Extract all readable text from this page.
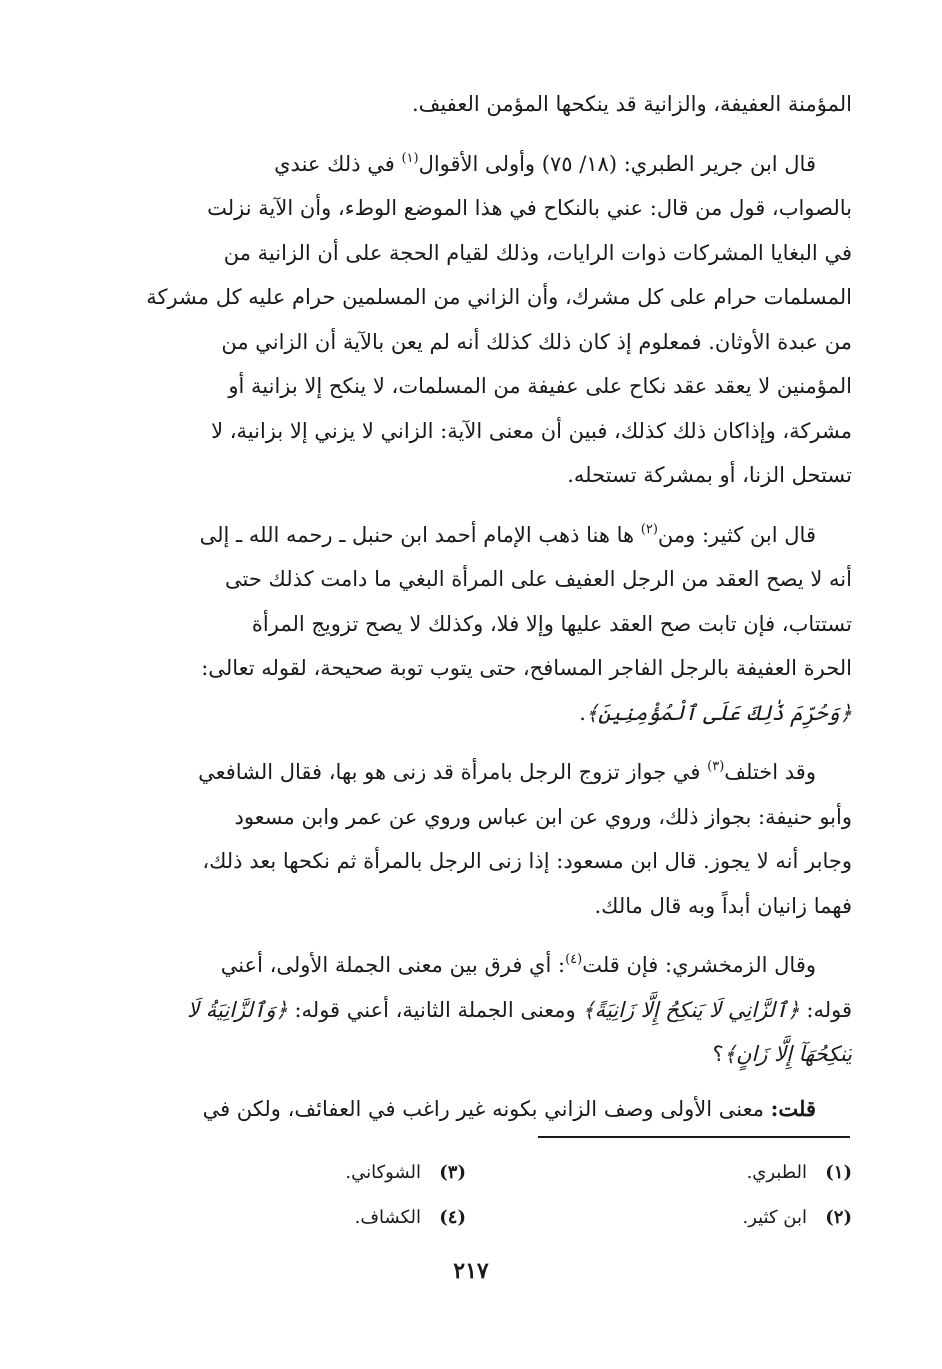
المؤمنة العفيفة، والزانية قد ينكحها المؤمن العفيف.
قال ابن جرير الطبري: (١٨/ ٧٥) وأولى الأقوال$^{(١)}$ في ذلك عندي
بالصواب، قول من قال: عني بالنكاح في هذا الموضع الوطء، وأن الآية نزلت
في البغايا المشركات ذوات الرايات، وذلك لقيام الحجة على أن الزانية من
المسلمات حرام على كل مشرك، وأن الزاني من المسلمين حرام عليه كل مشركة
من عبدة الأوثان. فمعلوم إذ كان ذلك كذلك أنه لم يعن بالآية أن الزاني من
المؤمنين لا يعقد عقد نكاح على عفيفة من المسلمات، لا ينكح إلا بزانية أو
مشركة، وإذاكان ذلك كذلك، فبين أن معنى الآية: الزاني لا يزني إلا بزانية، لا
تستحل الزنا، أو بمشركة تستحله.
قال ابن كثير: ومن$^{(٢)}$ ها هنا ذهب الإمام أحمد ابن حنبل ـ رحمه الله ـ إلى
أنه لا يصح العقد من الرجل العفيف على المرأة البغي ما دامت كذلك حتى
تستتاب، فإن تابت صح العقد عليها وإلا فلا، وكذلك لا يصح تزويج المرأة
الحرة العفيفة بالرجل الفاجر المسافح، حتى يتوب توبة صحيحة، لقوله تعالى:
﴿وَحُرِّمَ ذَٰلِكَ عَلَى ٱلْمُؤْمِنِينَ﴾.
وقد اختلف$^{(٣)}$ في جواز تزوج الرجل بامرأة قد زنى هو بها، فقال الشافعي
وأبو حنيفة: بجواز ذلك، وروي عن ابن عباس وروي عن عمر وابن مسعود
وجابر أنه لا يجوز. قال ابن مسعود: إذا زنى الرجل بالمرأة ثم نكحها بعد ذلك،
فهما زانيان أبداً وبه قال مالك.
وقال الزمخشري: فإن قلت$^{(٤)}$: أي فرق بين معنى الجملة الأولى، أعني
قوله: ﴿ٱلزَّانِي لَا يَنكِحُ إِلَّا زَانِيَةً﴾ ومعنى الجملة الثانية، أعني قوله: ﴿وَٱلزَّانِيَةُ لَا
يَنكِحُهَآ إِلَّا زَانٍ﴾؟
قلت: معنى الأولى وصف الزاني بكونه غير راغب في العفائف، ولكن في
(١)الطبري.
(٣)الشوكاني.
(٢)ابن كثير.
(٤)الكشاف.
٢١٧
